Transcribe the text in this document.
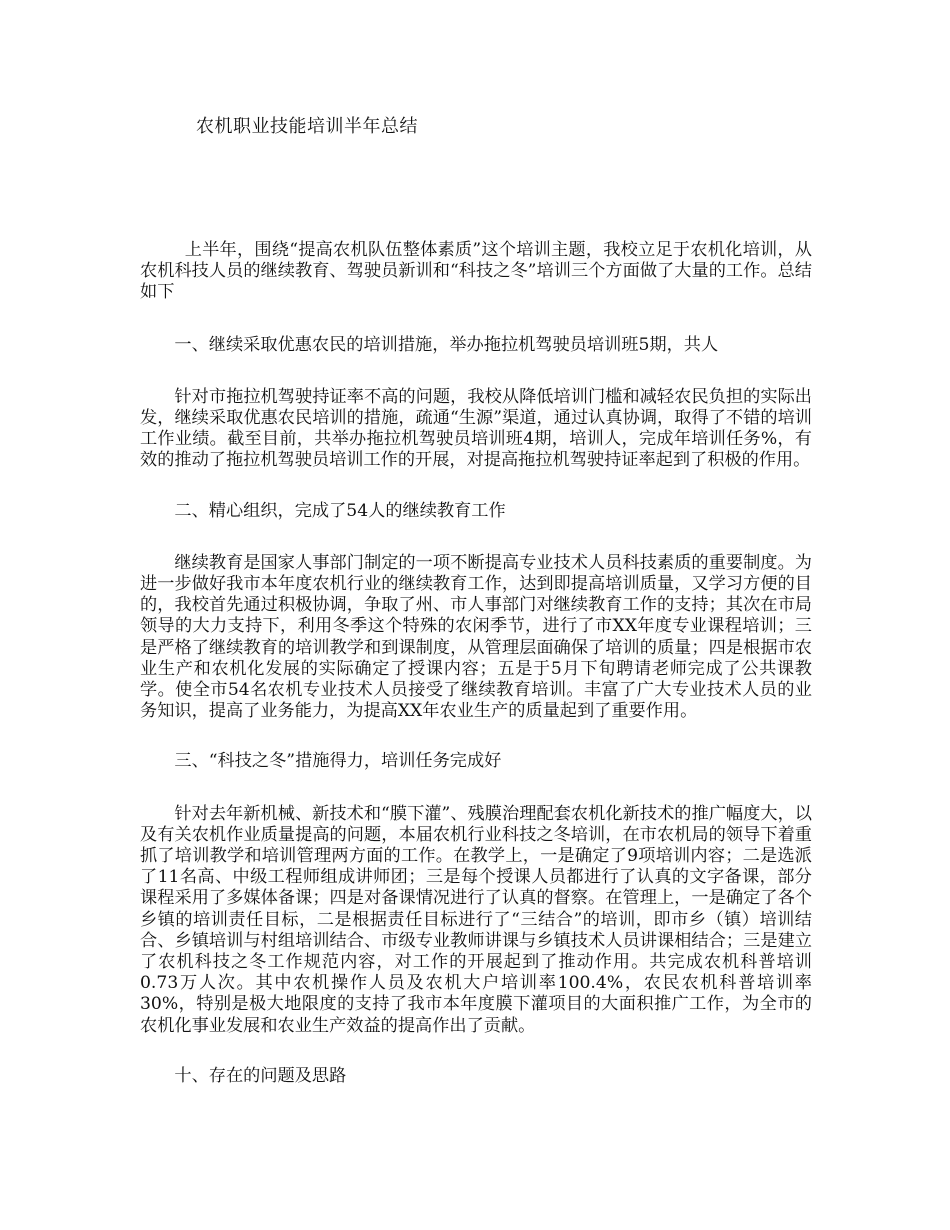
农机职业技能培训半年总结

上半年，围绕“提高农机队伍整体素质”这个培训主题，我校立足于农机化培训，从农机科技人员的继续教育、驾驶员新训和“科技之冬”培训三个方面做了大量的工作。总结如下

一、继续采取优惠农民的培训措施，举办拖拉机驾驶员培训班5期，共人

针对市拖拉机驾驶持证率不高的问题，我校从降低培训门槛和减轻农民负担的实际出发，继续采取优惠农民培训的措施，疏通“生源”渠道，通过认真协调，取得了不错的培训工作业绩。截至目前，共举办拖拉机驾驶员培训班4期，培训人，完成年培训任务%，有效的推动了拖拉机驾驶员培训工作的开展，对提高拖拉机驾驶持证率起到了积极的作用。

二、精心组织，完成了54人的继续教育工作

继续教育是国家人事部门制定的一项不断提高专业技术人员科技素质的重要制度。为进一步做好我市本年度农机行业的继续教育工作，达到即提高培训质量，又学习方便的目的，我校首先通过积极协调，争取了州、市人事部门对继续教育工作的支持；其次在市局领导的大力支持下，利用冬季这个特殊的农闲季节，进行了市XX年度专业课程培训；三是严格了继续教育的培训教学和到课制度，从管理层面确保了培训的质量；四是根据市农业生产和农机化发展的实际确定了授课内容；五是于5月下旬聘请老师完成了公共课教学。使全市54名农机专业技术人员接受了继续教育培训。丰富了广大专业技术人员的业务知识，提高了业务能力，为提高XX年农业生产的质量起到了重要作用。

三、“科技之冬”措施得力，培训任务完成好

针对去年新机械、新技术和“膜下灌”、残膜治理配套农机化新技术的推广幅度大，以及有关农机作业质量提高的问题，本届农机行业科技之冬培训，在市农机局的领导下着重抓了培训教学和培训管理两方面的工作。在教学上，一是确定了9项培训内容；二是选派了11名高、中级工程师组成讲师团；三是每个授课人员都进行了认真的文字备课，部分课程采用了多媒体备课；四是对备课情况进行了认真的督察。在管理上，一是确定了各个乡镇的培训责任目标，二是根据责任目标进行了“三结合”的培训，即市乡（镇）培训结合、乡镇培训与村组培训结合、市级专业教师讲课与乡镇技术人员讲课相结合；三是建立了农机科技之冬工作规范内容，对工作的开展起到了推动作用。共完成农机科普培训0.73万人次。其中农机操作人员及农机大户培训率100.4%，农民农机科普培训率30%，特别是极大地限度的支持了我市本年度膜下灌项目的大面积推广工作，为全市的农机化事业发展和农业生产效益的提高作出了贡献。

十、存在的问题及思路
